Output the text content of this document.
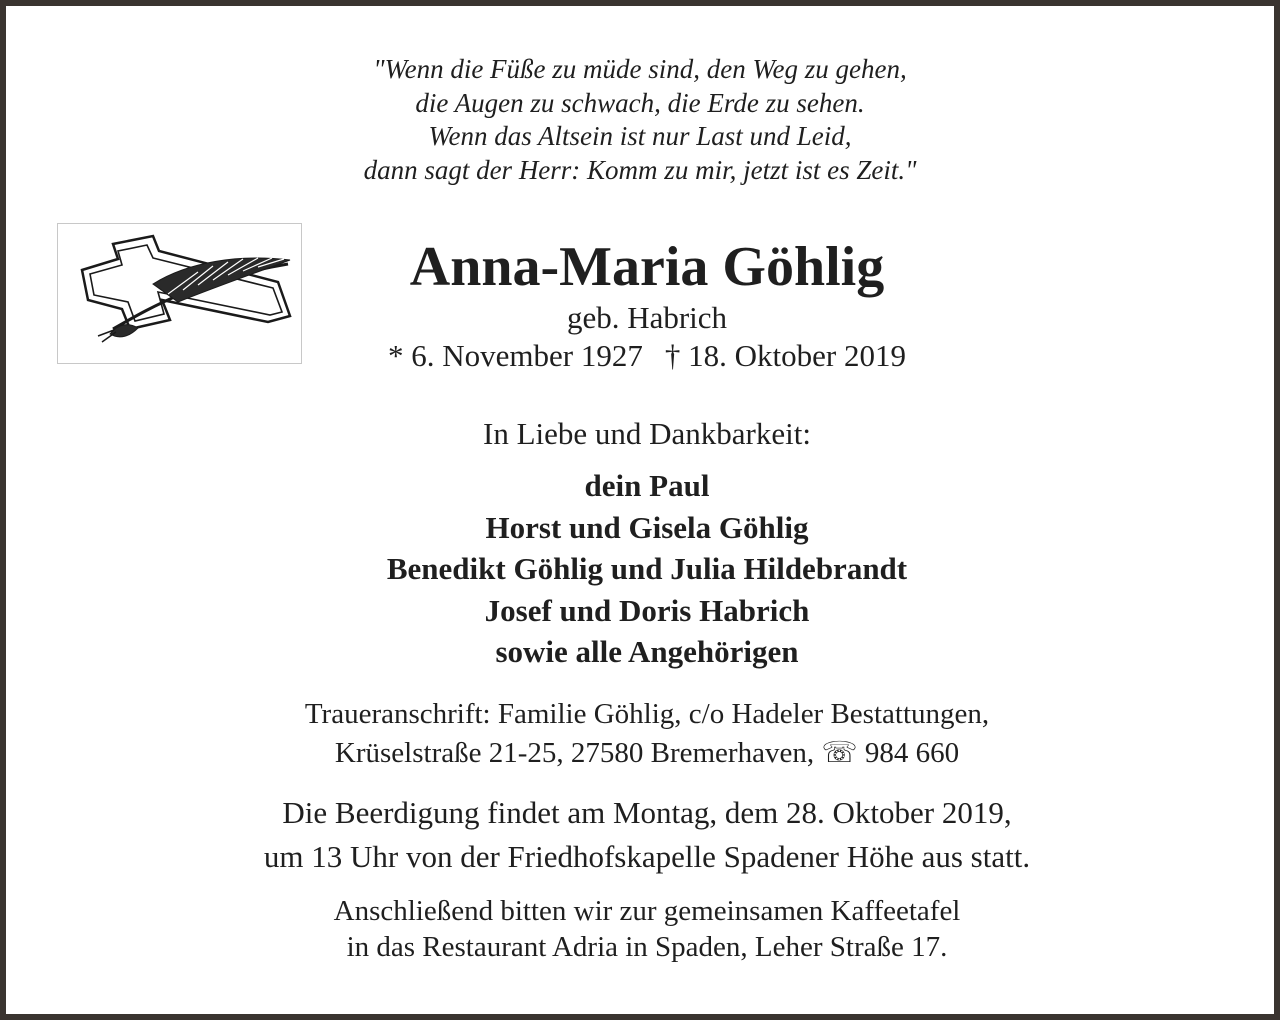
"Wenn die Füße zu müde sind, den Weg zu gehen,
die Augen zu schwach, die Erde zu sehen.
Wenn das Altsein ist nur Last und Leid,
dann sagt der Herr: Komm zu mir, jetzt ist es Zeit."
Anna-Maria Göhlig
geb. Habrich
* 6. November 1927 † 18. Oktober 2019
In Liebe und Dankbarkeit:
dein Paul
Horst und Gisela Göhlig
Benedikt Göhlig und Julia Hildebrandt
Josef und Doris Habrich
sowie alle Angehörigen
Traueranschrift: Familie Göhlig, c/o Hadeler Bestattungen,
Krüselstraße 21-25, 27580 Bremerhaven, ☏ 984 660
Die Beerdigung findet am Montag, dem 28. Oktober 2019,
um 13 Uhr von der Friedhofskapelle Spadener Höhe aus statt.
Anschließend bitten wir zur gemeinsamen Kaffeetafel
in das Restaurant Adria in Spaden, Leher Straße 17.
